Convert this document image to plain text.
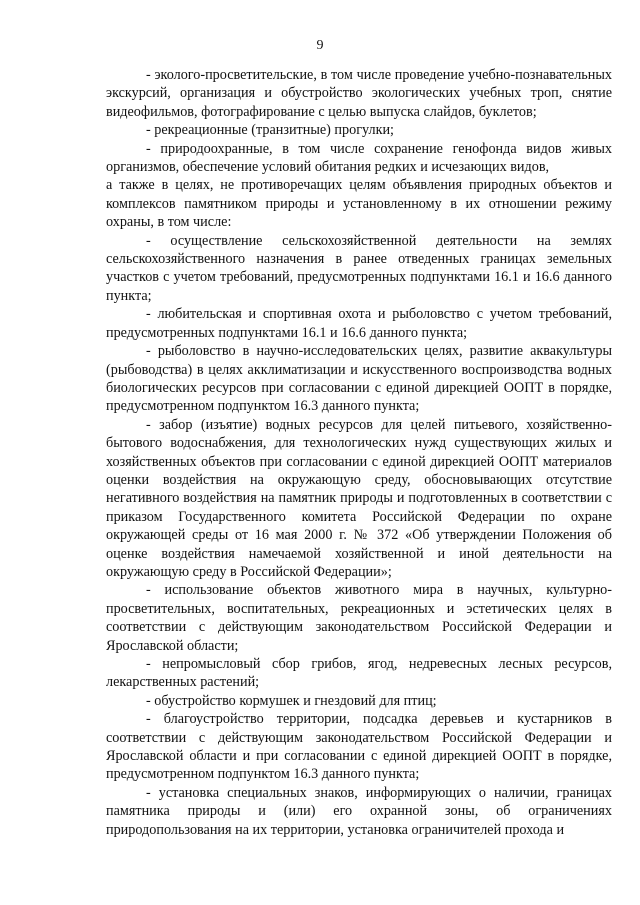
9

- эколого-просветительские, в том числе проведение учебно-познавательных экскурсий, организация и обустройство экологических учебных троп, снятие видеофильмов, фотографирование с целью выпуска слайдов, буклетов;

- рекреационные (транзитные) прогулки;

- природоохранные, в том числе сохранение генофонда видов живых организмов, обеспечение условий обитания редких и исчезающих видов,

а также в целях, не противоречащих целям объявления природных объектов и комплексов памятником природы и установленному в их отношении режиму охраны, в том числе:

- осуществление сельскохозяйственной деятельности на землях сельскохозяйственного назначения в ранее отведенных границах земельных участков с учетом требований, предусмотренных подпунктами 16.1 и 16.6 данного пункта;

- любительская и спортивная охота и рыболовство с учетом требований, предусмотренных подпунктами 16.1 и 16.6 данного пункта;

- рыболовство в научно-исследовательских целях, развитие аквакультуры (рыбоводства) в целях акклиматизации и искусственного воспроизводства водных биологических ресурсов при согласовании с единой дирекцией ООПТ в порядке, предусмотренном подпунктом 16.3 данного пункта;

- забор (изъятие) водных ресурсов для целей питьевого, хозяйственно-бытового водоснабжения, для технологических нужд существующих жилых и хозяйственных объектов при согласовании с единой дирекцией ООПТ материалов оценки воздействия на окружающую среду, обосновывающих отсутствие негативного воздействия на памятник природы и подготовленных в соответствии с приказом Государственного комитета Российской Федерации по охране окружающей среды от 16 мая 2000 г. № 372 «Об утверждении Положения об оценке воздействия намечаемой хозяйственной и иной деятельности на окружающую среду в Российской Федерации»;

- использование объектов животного мира в научных, культурно-просветительных, воспитательных, рекреационных и эстетических целях в соответствии с действующим законодательством Российской Федерации и Ярославской области;

- непромысловый сбор грибов, ягод, недревесных лесных ресурсов, лекарственных растений;

- обустройство кормушек и гнездовий для птиц;

- благоустройство территории, подсадка деревьев и кустарников в соответствии с действующим законодательством Российской Федерации и Ярославской области и при согласовании с единой дирекцией ООПТ в порядке, предусмотренном подпунктом 16.3 данного пункта;

- установка специальных знаков, информирующих о наличии, границах памятника природы и (или) его охранной зоны, об ограничениях природопользования на их территории, установка ограничителей прохода и
